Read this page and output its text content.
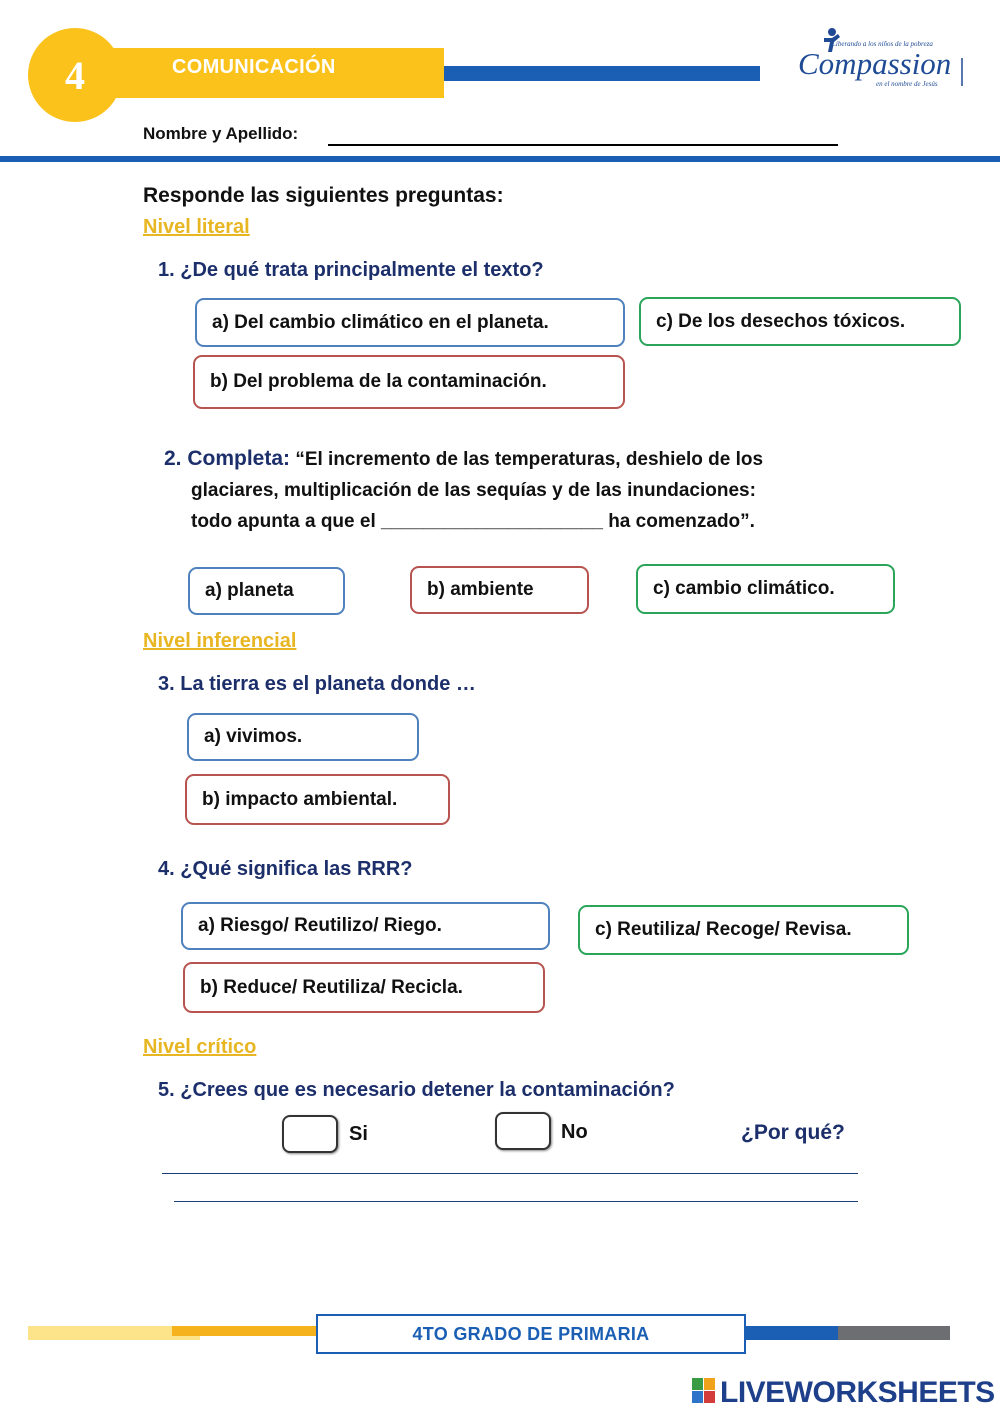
4	COMUNICACIÓN
Liberando a los niños de la pobreza
Compassion
en el nombre de Jesús
Nombre y Apellido:
Responde las siguientes preguntas:
Nivel literal
1. ¿De qué trata principalmente el texto?
a) Del cambio climático en el planeta.
b) Del problema de la contaminación.
c) De los desechos tóxicos.
2. Completa: “El incremento de las temperaturas, deshielo de los
glaciares, multiplicación de las sequías y de las inundaciones:
todo apunta a que el _____________________ ha comenzado”.
a) planeta	b) ambiente	c) cambio climático.
Nivel inferencial
3. La tierra es el planeta donde …
a) vivimos.
b) impacto ambiental.
4. ¿Qué significa las RRR?
a) Riesgo/ Reutilizo/ Riego.
b) Reduce/ Reutiliza/ Recicla.
c) Reutiliza/ Recoge/ Revisa.
Nivel crítico
5. ¿Crees que es necesario detener la contaminación?
Si	No	¿Por qué?
4TO GRADO DE PRIMARIA
LIVEWORKSHEETS
